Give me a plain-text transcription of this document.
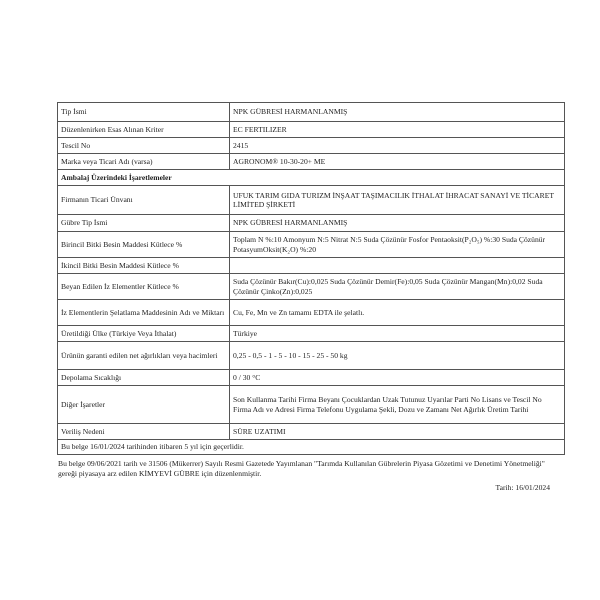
Tip İsmi	NPK GÜBRESİ HARMANLANMIŞ
Düzenlenirken Esas Alınan Kriter	EC FERTILIZER
Tescil No	2415
Marka veya Ticari Adı (varsa)	AGRONOM® 10-30-20+ ME
Ambalaj Üzerindeki İşaretlemeler	
Firmanın Ticari Ünvanı	UFUK TARIM GIDA TURIZM İNŞAAT TAŞIMACILIK İTHALAT İHRACAT SANAYİ VE TİCARET LİMİTED ŞİRKETİ
Gübre Tip İsmi	NPK GÜBRESİ HARMANLANMIŞ
Birincil Bitki Besin Maddesi Kütlece %	Toplam N %:10 Amonyum N:5 Nitrat N:5 Suda Çözünür Fosfor Pentaoksit(P₂O₅) %:30 Suda Çözünür PotasyumOksit(K₂O) %:20
İkincil Bitki Besin Maddesi Kütlece %	
Beyan Edilen İz Elementler Kütlece %	Suda Çözünür Bakır(Cu):0,025 Suda Çözünür Demir(Fe):0,05 Suda Çözünür Mangan(Mn):0,02 Suda Çözünür Çinko(Zn):0,025
İz Elementlerin Şelatlama Maddesinin Adı ve Miktarı	Cu, Fe, Mn ve Zn tamamı EDTA ile şelatlı.
Üretildiği Ülke (Türkiye Veya İthalat)	Türkiye
Ürünün garanti edilen net ağırlıkları veya hacimleri	0,25 - 0,5 - 1 - 5 - 10 - 15 - 25 - 50 kg
Depolama Sıcaklığı	0 / 30 °C
Diğer İşaretler	Son Kullanma Tarihi Firma Beyanı Çocuklardan Uzak Tutunuz Uyarılar Parti No Lisans ve Tescil No Firma Adı ve Adresi Firma Telefonu Uygulama Şekli, Dozu ve Zamanı Net Ağırlık Üretim Tarihi
Veriliş Nedeni	SÜRE UZATIMI
Bu belge 16/01/2024 tarihinden itibaren 5 yıl için geçerlidir.	
Bu belge 09/06/2021 tarih ve 31506 (Mükerrer) Sayılı Resmi Gazetede Yayımlanan "Tarımda Kullanılan Gübrelerin Piyasa Gözetimi ve Denetimi Yönetmeliği" gereği piyasaya arz edilen KİMYEVİ GÜBRE için düzenlenmiştir.
Tarih: 16/01/2024
